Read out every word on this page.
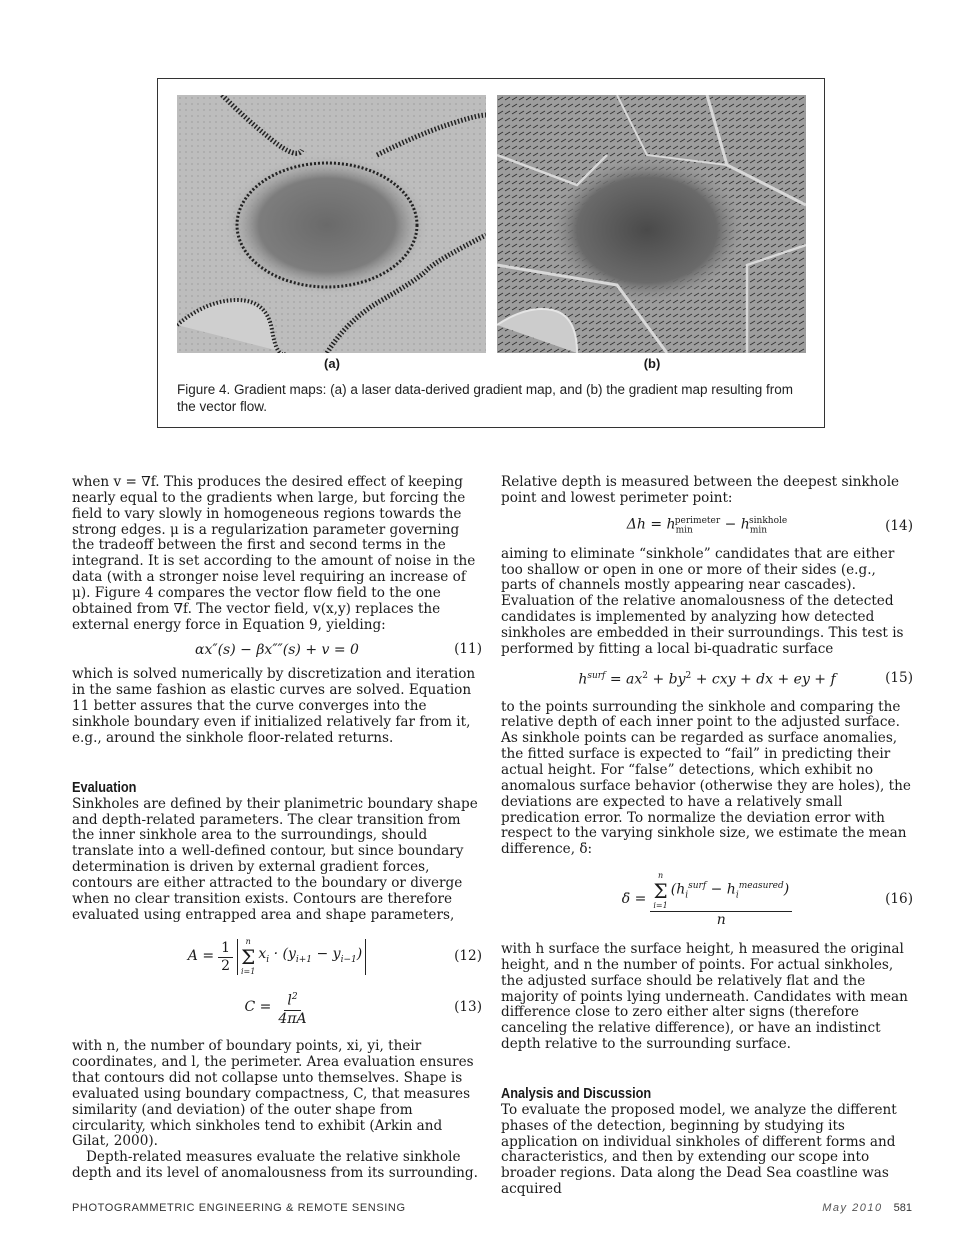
(a)	(b)
Figure 4. Gradient maps: (a) a laser data-derived gradient map, and (b) the gradient map resulting from the vector flow.

when v = ∇f. This produces the desired effect of keeping nearly equal to the gradients when large, but forcing the field to vary slowly in homogeneous regions towards the strong edges. μ is a regularization parameter governing the tradeoff between the first and second terms in the integrand. It is set according to the amount of noise in the data (with a stronger noise level requiring an increase of μ). Figure 4 compares the vector flow field to the one obtained from ∇f. The vector field, v(x,y) replaces the external energy force in Equation 9, yielding:

αx″(s) − βx″″(s) + v = 0	(11)

which is solved numerically by discretization and iteration in the same fashion as elastic curves are solved. Equation 11 better assures that the curve converges into the sinkhole boundary even if initialized relatively far from it, e.g., around the sinkhole floor-related returns.

Evaluation

Sinkholes are defined by their planimetric boundary shape and depth-related parameters. The clear transition from the inner sinkhole area to the surroundings, should translate into a well-defined contour, but since boundary determination is driven by external gradient forces, contours are either attracted to the boundary or diverge when no clear transition exists. Contours are therefore evaluated using entrapped area and shape parameters,

$A = \frac{1}{2}$ n
Σ
i=1
$x_i \cdot (y_{i+1} - y_{i-1})$	(12)
$C = \frac{l^2}{4\pi A}$	(13)

with n, the number of boundary points, xi, yi, their coordinates, and l, the perimeter. Area evaluation ensures that contours did not collapse unto themselves. Shape is evaluated using boundary compactness, C, that measures similarity (and deviation) of the outer shape from circularity, which sinkholes tend to exhibit (Arkin and Gilat, 2000).

Depth-related measures evaluate the relative sinkhole depth and its level of anomalousness from its surrounding.

Relative depth is measured between the deepest sinkhole point and lowest perimeter point:

$\Delta h = h_{min}^{perimeter} - h_{min}^{sinkhole}$	(14)

aiming to eliminate “sinkhole” candidates that are either too shallow or open in one or more of their sides (e.g., parts of channels mostly appearing near cascades). Evaluation of the relative anomalousness of the detected candidates is implemented by analyzing how detected sinkholes are embedded in their surroundings. This test is performed by fitting a local bi-quadratic surface

$h^{surf} = ax^2 + by^2$ + cxy + dx + ey + f	(15)

to the points surrounding the sinkhole and comparing the relative depth of each inner point to the adjusted surface. As sinkhole points can be regarded as surface anomalies, the fitted surface is expected to “fail” in predicting their actual height. For “false” detections, which exhibit no anomalous surface behavior (otherwise they are holes), the deviations are expected to have a relatively small predication error. To normalize the deviation error with respect to the varying sinkhole size, we estimate the mean difference, δ̄:

δ̄ = n
Σ
i=1
$(h_i^{surf} - h_i^{measured})$
n	(16)

with h surface the surface height, h measured the original height, and n the number of points. For actual sinkholes, the adjusted surface should be relatively flat and the majority of points lying underneath. Candidates with mean difference close to zero either alter signs (therefore canceling the relative difference), or have an indistinct depth relative to the surrounding surface.

Analysis and Discussion

To evaluate the proposed model, we analyze the different phases of the detection, beginning by studying its application on individual sinkholes of different forms and characteristics, and then by extending our scope into broader regions. Data along the Dead Sea coastline was acquired

PHOTOGRAMMETRIC ENGINEERING & REMOTE SENSING	May 2010 581
